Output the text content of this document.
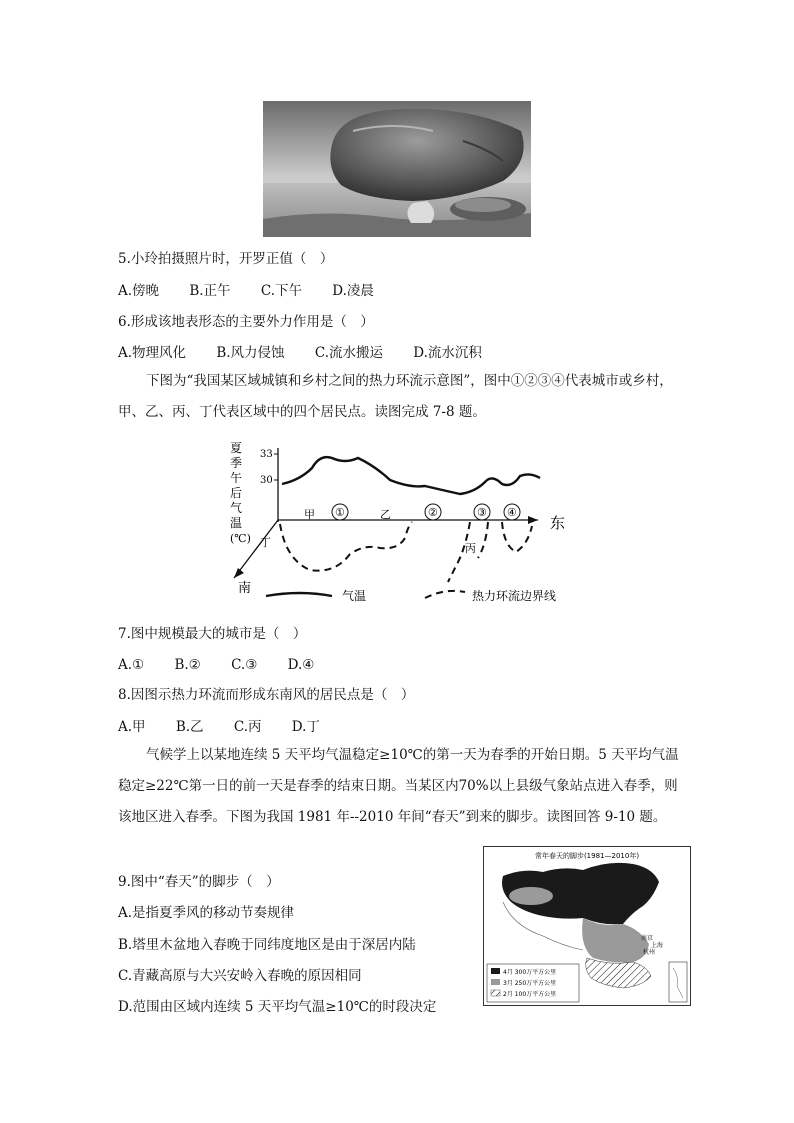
5.小玲拍摄照片时，开罗正值（　）
A.傍晚 B.正午 C.下午 D.凌晨
6.形成该地表形态的主要外力作用是（　）
A.物理风化 B.风力侵蚀 C.流水搬运 D.流水沉积
下图为“我国某区域城镇和乡村之间的热力环流示意图”，图中①②③④代表城市或乡村，甲、乙、丙、丁代表区域中的四个居民点。读图完成 7-8 题。
33
30
夏
季
午
后
气
温
(℃)
东
南
甲 ①	乙	②	③ ④
丁	丙
气温	热力环流边界线
7.图中规模最大的城市是（　）
A.① B.② C.③ D.④
8.因图示热力环流而形成东南风的居民点是（　）
A.甲 B.乙 C.丙 D.丁
气候学上以某地连续 5 天平均气温稳定≥10℃的第一天为春季的开始日期。5 天平均气温稳定≥22℃第一日的前一天是春季的结束日期。当某区内70%以上县级气象站点进入春季，则该地区进入春季。下图为我国 1981 年--2010 年间“春天”到来的脚步。读图回答 9-10 题。
常年春天的脚步(1981—2010年)
南京
上海
杭州
4月 300万平方公里
3月 250万平方公里
2月 100万平方公里
9.图中“春天”的脚步（　）
A.是指夏季风的移动节奏规律
B.塔里木盆地入春晚于同纬度地区是由于深居内陆
C.青藏高原与大兴安岭入春晚的原因相同
D.范围由区域内连续 5 天平均气温≥10℃的时段决定
